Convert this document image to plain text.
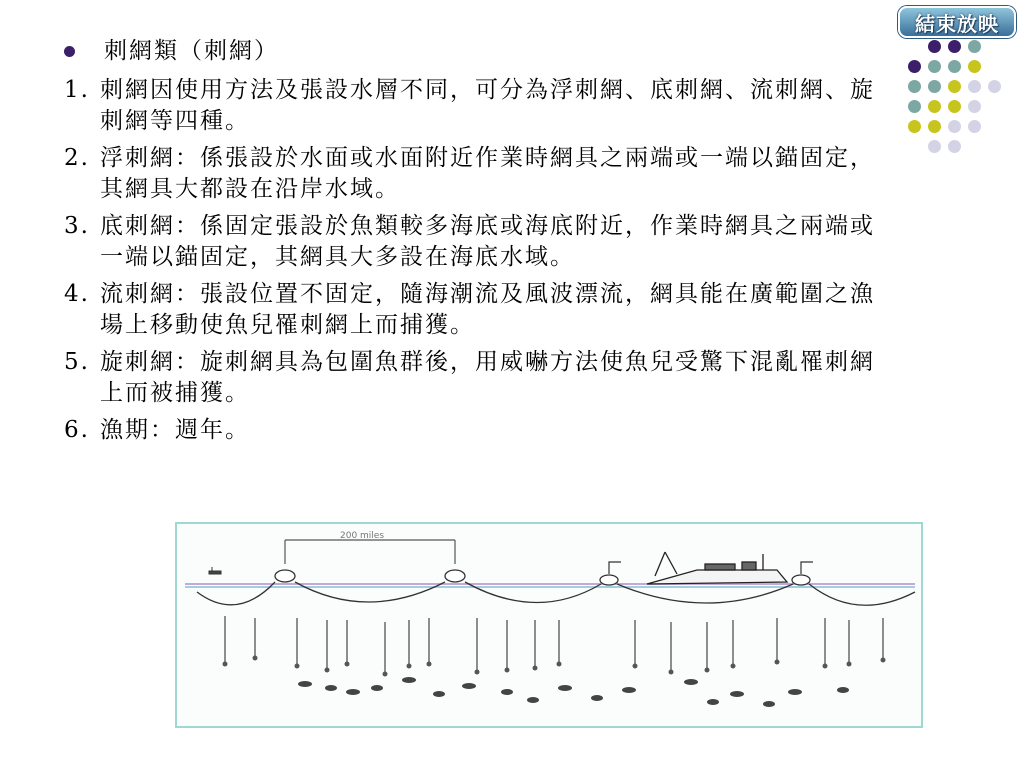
結束放映
刺網類（刺網）
1. 刺網因使用方法及張設水層不同，可分為浮刺網、底刺網、流刺網、旋刺網等四種。
2. 浮刺網：係張設於水面或水面附近作業時網具之兩端或一端以錨固定，其網具大都設在沿岸水域。
3. 底刺網：係固定張設於魚類較多海底或海底附近，作業時網具之兩端或一端以錨固定，其網具大多設在海底水域。
4. 流刺網：張設位置不固定，隨海潮流及風波漂流，網具能在廣範圍之漁場上移動使魚兒罹刺網上而捕獲。
5. 旋刺網：旋刺網具為包圍魚群後，用威嚇方法使魚兒受驚下混亂罹刺網上而被捕獲。
6. 漁期：週年。
200 miles
